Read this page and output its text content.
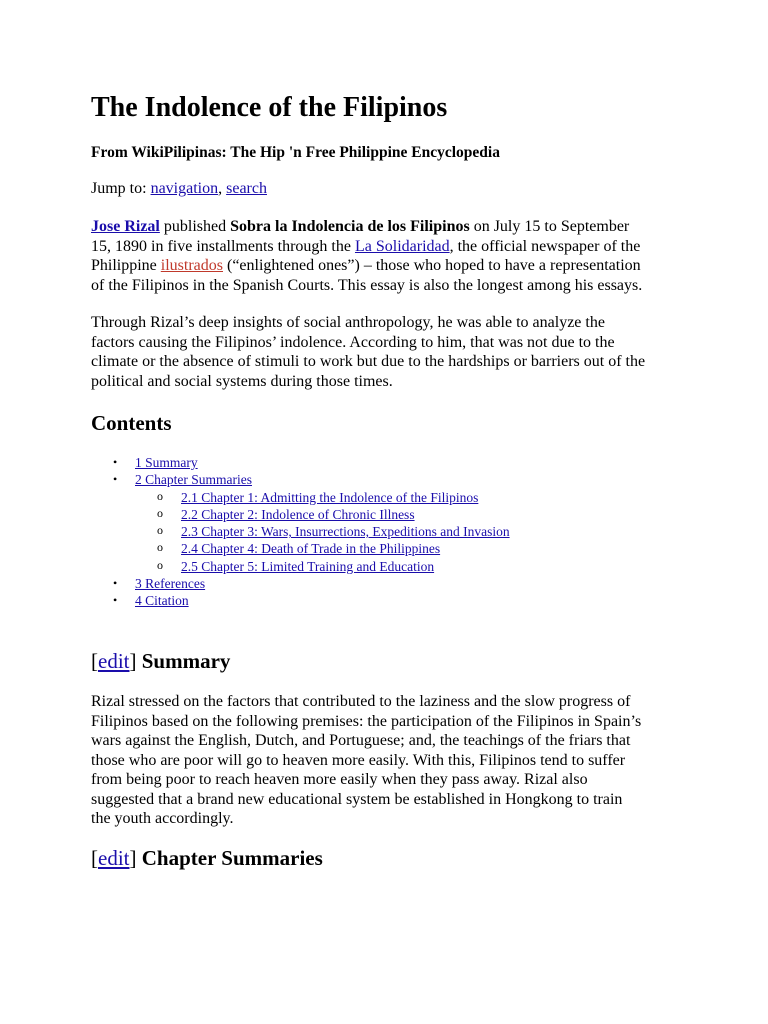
The Indolence of the Filipinos

From WikiPilipinas: The Hip 'n Free Philippine Encyclopedia

Jump to: navigation, search

Jose Rizal published Sobra la Indolencia de los Filipinos on July 15 to September
15, 1890 in five installments through the La Solidaridad, the official newspaper of the
Philippine ilustrados (“enlightened ones”) – those who hoped to have a representation
of the Filipinos in the Spanish Courts. This essay is also the longest among his essays.
Through Rizal’s deep insights of social anthropology, he was able to analyze the
factors causing the Filipinos’ indolence. According to him, that was not due to the
climate or the absence of stimuli to work but due to the hardships or barriers out of the
political and social systems during those times.
Contents
• 1 Summary
• 2 Chapter Summaries
o 2.1 Chapter 1: Admitting the Indolence of the Filipinos
o 2.2 Chapter 2: Indolence of Chronic Illness
o 2.3 Chapter 3: Wars, Insurrections, Expeditions and Invasion
o 2.4 Chapter 4: Death of Trade in the Philippines
o 2.5 Chapter 5: Limited Training and Education
• 3 References
• 4 Citation
[edit] Summary
Rizal stressed on the factors that contributed to the laziness and the slow progress of
Filipinos based on the following premises: the participation of the Filipinos in Spain’s
wars against the English, Dutch, and Portuguese; and, the teachings of the friars that
those who are poor will go to heaven more easily. With this, Filipinos tend to suffer
from being poor to reach heaven more easily when they pass away. Rizal also
suggested that a brand new educational system be established in Hongkong to train
the youth accordingly.
[edit] Chapter Summaries
